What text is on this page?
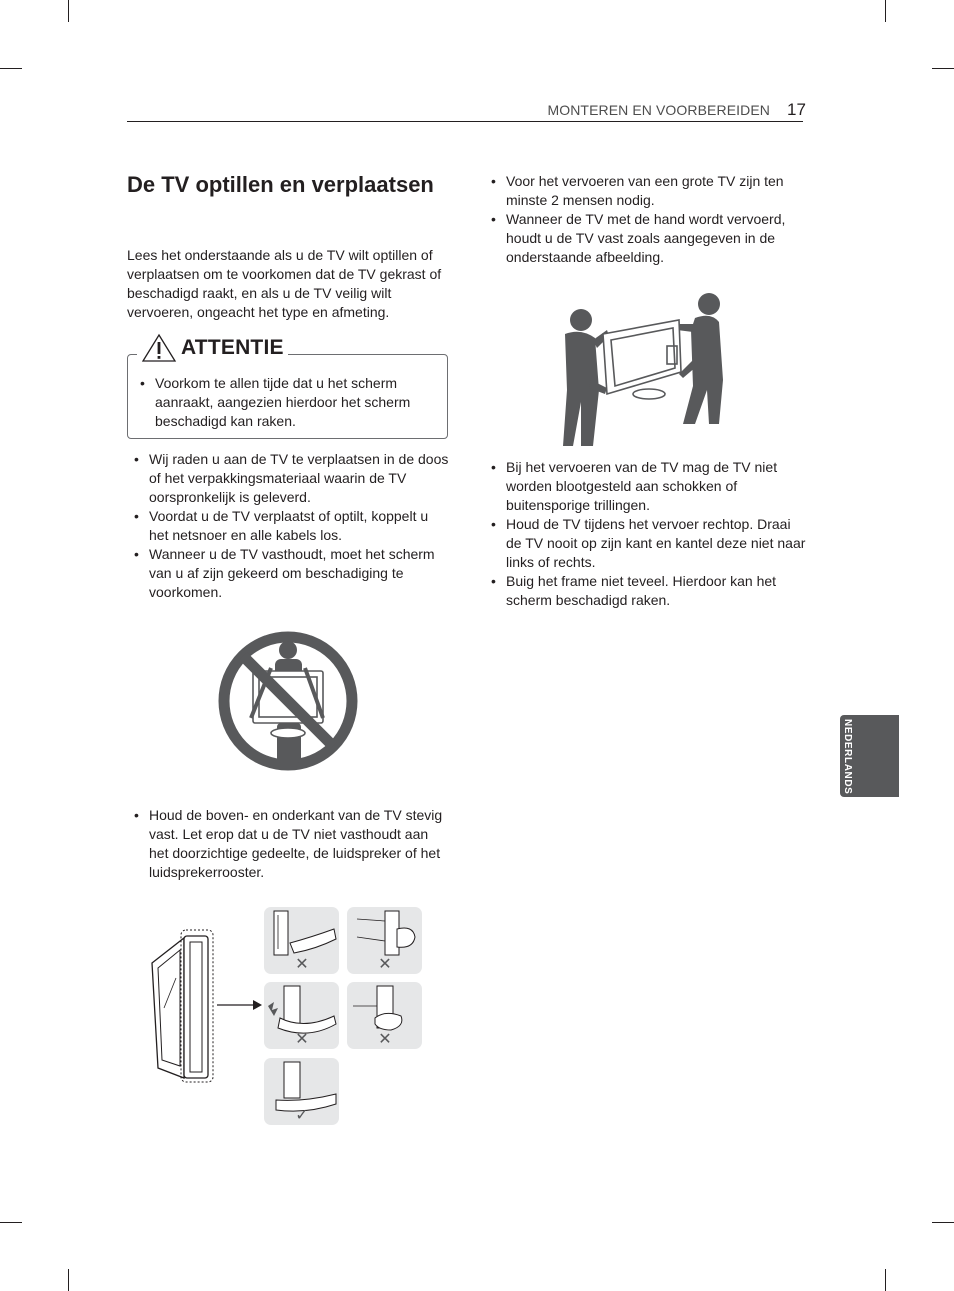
MONTEREN EN VOORBEREIDEN 17
De TV optillen en verplaatsen
Lees het onderstaande als u de TV wilt optillen of verplaatsen om te voorkomen dat de TV gekrast of beschadigd raakt, en als u de TV veilig wilt vervoeren, ongeacht het type en afmeting.
ATTENTIE
• Voorkom te allen tijde dat u het scherm aanraakt, aangezien hierdoor het scherm beschadigd kan raken.
• Wij raden u aan de TV te verplaatsen in de doos of het verpakkingsmateriaal waarin de TV oorspronkelijk is geleverd.
• Voordat u de TV verplaatst of optilt, koppelt u het netsnoer en alle kabels los.
• Wanneer u de TV vasthoudt, moet het scherm van u af zijn gekeerd om beschadiging te voorkomen.
• Houd de boven- en onderkant van de TV stevig vast. Let erop dat u de TV niet vasthoudt aan het doorzichtige gedeelte, de luidspreker of het luidsprekerrooster.
✕	✕
✕	✕
✓
• Voor het vervoeren van een grote TV zijn ten minste 2 mensen nodig.
• Wanneer de TV met de hand wordt vervoerd, houdt u de TV vast zoals aangegeven in de onderstaande afbeelding.
• Bij het vervoeren van de TV mag de TV niet worden blootgesteld aan schokken of buitensporige trillingen.
• Houd de TV tijdens het vervoer rechtop. Draai de TV nooit op zijn kant en kantel deze niet naar links of rechts.
• Buig het frame niet teveel. Hierdoor kan het scherm beschadigd raken.
NEDERLANDS
